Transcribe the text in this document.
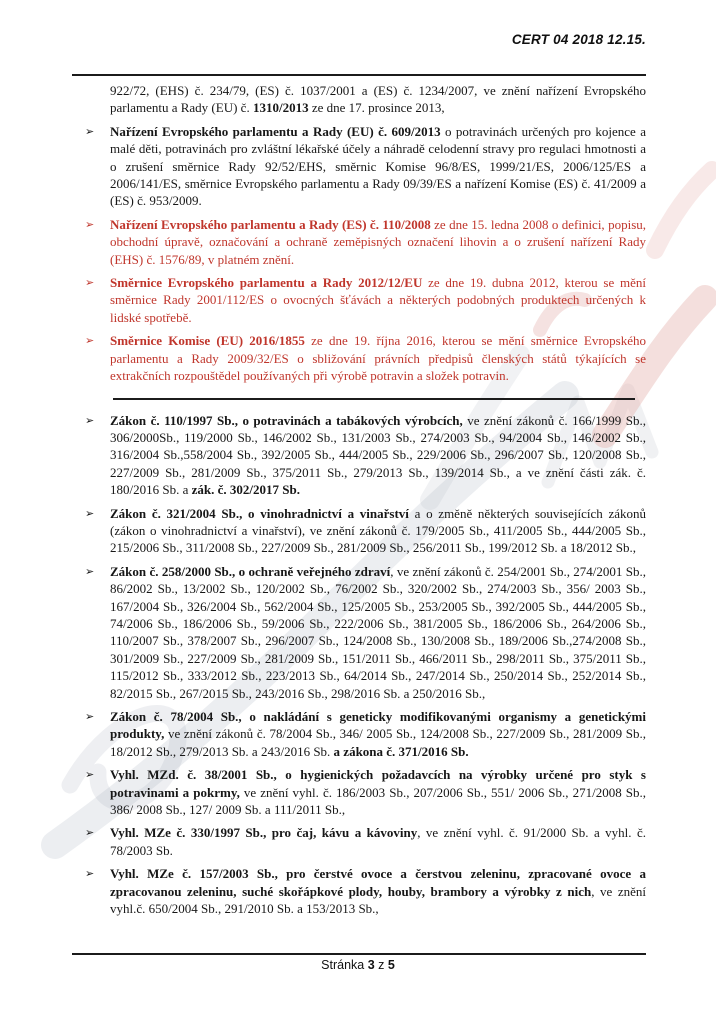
CERT 04 2018 12.15.
922/72, (EHS) č. 234/79, (ES) č. 1037/2001 a (ES) č. 1234/2007, ve znění nařízení Evropského parlamentu a Rady (EU) č. 1310/2013 ze dne 17. prosince 2013,
➢ Nařízení Evropského parlamentu a Rady (EU) č. 609/2013 o potravinách určených pro kojence a malé děti, potravinách pro zvláštní lékařské účely a náhradě celodenní stravy pro regulaci hmotnosti a o zrušení směrnice Rady 92/52/EHS, směrnic Komise 96/8/ES, 1999/21/ES, 2006/125/ES a 2006/141/ES, směrnice Evropského parlamentu a Rady 09/39/ES a nařízení Komise (ES) č. 41/2009 a (ES) č. 953/2009.
➢ Nařízení Evropského parlamentu a Rady (ES) č. 110/2008 ze dne 15. ledna 2008 o definici, popisu, obchodní úpravě, označování a ochraně zeměpisných označení lihovin a o zrušení nařízení Rady (EHS) č. 1576/89, v platném znění.
➢ Směrnice Evropského parlamentu a Rady 2012/12/EU ze dne 19. dubna 2012, kterou se mění směrnice Rady 2001/112/ES o ovocných šťávách a některých podobných produktech určených k lidské spotřebě.
➢ Směrnice Komise (EU) 2016/1855 ze dne 19. října 2016, kterou se mění směrnice Evropského parlamentu a Rady 2009/32/ES o sbližování právních předpisů členských států týkajících se extrakčních rozpouštědel používaných při výrobě potravin a složek potravin.
➢ Zákon č. 110/1997 Sb., o potravinách a tabákových výrobcích, ve znění zákonů č. 166/1999 Sb., 306/2000Sb., 119/2000 Sb., 146/2002 Sb., 131/2003 Sb., 274/2003 Sb., 94/2004 Sb., 146/2002 Sb., 316/2004 Sb.,558/2004 Sb., 392/2005 Sb., 444/2005 Sb., 229/2006 Sb., 296/2007 Sb., 120/2008 Sb., 227/2009 Sb., 281/2009 Sb., 375/2011 Sb., 279/2013 Sb., 139/2014 Sb., a ve znění části zák. č. 180/2016 Sb. a zák. č. 302/2017 Sb.
➢ Zákon č. 321/2004 Sb., o vinohradnictví a vinařství a o změně některých souvisejících zákonů (zákon o vinohradnictví a vinařství), ve znění zákonů č. 179/2005 Sb., 411/2005 Sb., 444/2005 Sb., 215/2006 Sb., 311/2008 Sb., 227/2009 Sb., 281/2009 Sb., 256/2011 Sb., 199/2012 Sb. a 18/2012 Sb.,
➢ Zákon č. 258/2000 Sb., o ochraně veřejného zdraví, ve znění zákonů č. 254/2001 Sb., 274/2001 Sb., 86/2002 Sb., 13/2002 Sb., 120/2002 Sb., 76/2002 Sb., 320/2002 Sb., 274/2003 Sb., 356/ 2003 Sb., 167/2004 Sb., 326/2004 Sb., 562/2004 Sb., 125/2005 Sb., 253/2005 Sb., 392/2005 Sb., 444/2005 Sb., 74/2006 Sb., 186/2006 Sb., 59/2006 Sb., 222/2006 Sb., 381/2005 Sb., 186/2006 Sb., 264/2006 Sb., 110/2007 Sb., 378/2007 Sb., 296/2007 Sb., 124/2008 Sb., 130/2008 Sb., 189/2006 Sb.,274/2008 Sb., 301/2009 Sb., 227/2009 Sb., 281/2009 Sb., 151/2011 Sb., 466/2011 Sb., 298/2011 Sb., 375/2011 Sb., 115/2012 Sb., 333/2012 Sb., 223/2013 Sb., 64/2014 Sb., 247/2014 Sb., 250/2014 Sb., 252/2014 Sb., 82/2015 Sb., 267/2015 Sb., 243/2016 Sb., 298/2016 Sb. a 250/2016 Sb.,
➢ Zákon č. 78/2004 Sb., o nakládání s geneticky modifikovanými organismy a genetickými produkty, ve znění zákonů č. 78/2004 Sb., 346/ 2005 Sb., 124/2008 Sb., 227/2009 Sb., 281/2009 Sb., 18/2012 Sb., 279/2013 Sb. a 243/2016 Sb. a zákona č. 371/2016 Sb.
➢ Vyhl. MZd. č. 38/2001 Sb., o hygienických požadavcích na výrobky určené pro styk s potravinami a pokrmy, ve znění vyhl. č. 186/2003 Sb., 207/2006 Sb., 551/ 2006 Sb., 271/2008 Sb., 386/ 2008 Sb., 127/ 2009 Sb. a 111/2011 Sb.,
➢ Vyhl. MZe č. 330/1997 Sb., pro čaj, kávu a kávoviny, ve znění vyhl. č. 91/2000 Sb. a vyhl. č. 78/2003 Sb.
➢ Vyhl. MZe č. 157/2003 Sb., pro čerstvé ovoce a čerstvou zeleninu, zpracované ovoce a zpracovanou zeleninu, suché skořápkové plody, houby, brambory a výrobky z nich, ve znění vyhl.č. 650/2004 Sb., 291/2010 Sb. a 153/2013 Sb.,
Stránka 3 z 5
